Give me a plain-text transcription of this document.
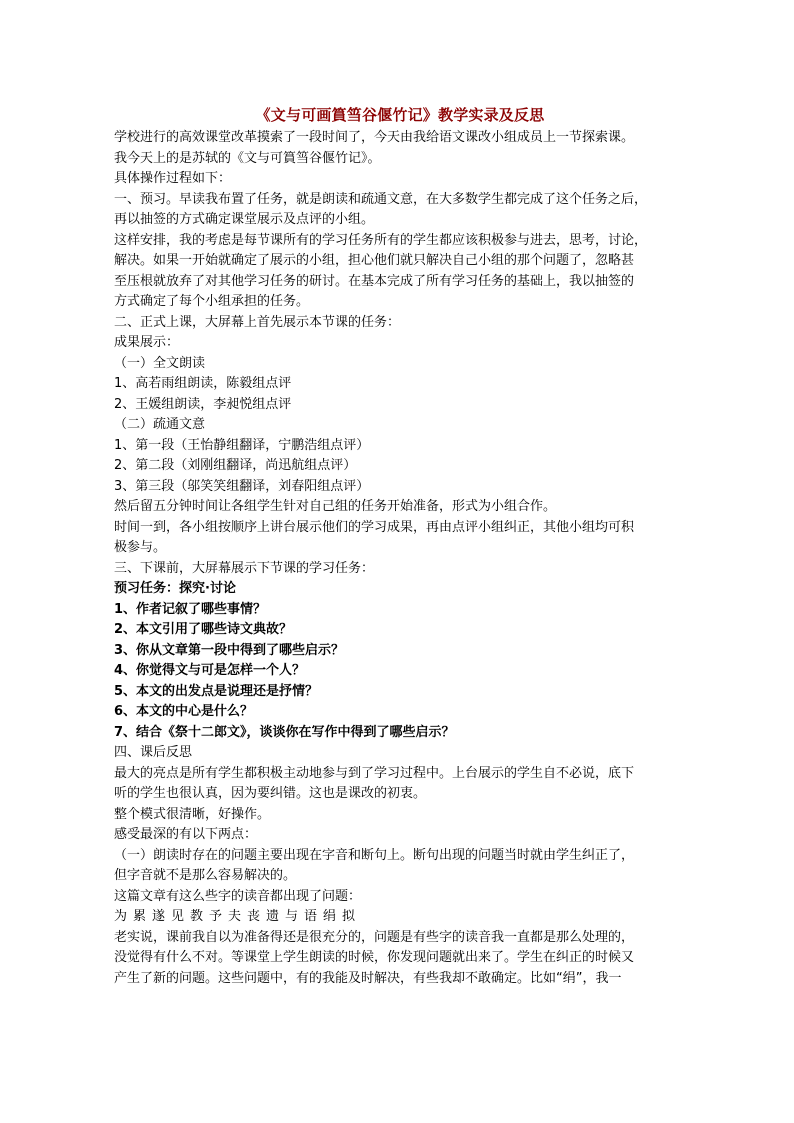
《文与可画篔筜谷偃竹记》教学实录及反思
学校进行的高效课堂改革摸索了一段时间了，今天由我给语文课改小组成员上一节探索课。
我今天上的是苏轼的《文与可篔筜谷偃竹记》。
具体操作过程如下：
一、预习。早读我布置了任务，就是朗读和疏通文意，在大多数学生都完成了这个任务之后，
再以抽签的方式确定课堂展示及点评的小组。
这样安排，我的考虑是每节课所有的学习任务所有的学生都应该积极参与进去，思考，讨论，
解决。如果一开始就确定了展示的小组，担心他们就只解决自己小组的那个问题了，忽略甚
至压根就放弃了对其他学习任务的研讨。在基本完成了所有学习任务的基础上，我以抽签的
方式确定了每个小组承担的任务。
二、正式上课，大屏幕上首先展示本节课的任务：
成果展示：
（一）全文朗读
1、高若雨组朗读，陈毅组点评
2、王媛组朗读，李昶悦组点评
（二）疏通文意
1、第一段（王怡静组翻译，宁鹏浩组点评）
2、第二段（刘刚组翻译，尚迅航组点评）
3、第三段（邬笑笑组翻译，刘春阳组点评）
然后留五分钟时间让各组学生针对自己组的任务开始准备，形式为小组合作。
时间一到，各小组按顺序上讲台展示他们的学习成果，再由点评小组纠正，其他小组均可积
极参与。
三、下课前，大屏幕展示下节课的学习任务：
预习任务：探究·讨论
1、作者记叙了哪些事情？
2、本文引用了哪些诗文典故？
3、你从文章第一段中得到了哪些启示？
4、你觉得文与可是怎样一个人？
5、本文的出发点是说理还是抒情？
6、本文的中心是什么？
7、结合《祭十二郎文》，谈谈你在写作中得到了哪些启示？
四、课后反思
最大的亮点是所有学生都积极主动地参与到了学习过程中。上台展示的学生自不必说，底下
听的学生也很认真，因为要纠错。这也是课改的初衷。
整个模式很清晰，好操作。
感受最深的有以下两点：
（一）朗读时存在的问题主要出现在字音和断句上。断句出现的问题当时就由学生纠正了，
但字音就不是那么容易解决的。
这篇文章有这么些字的读音都出现了问题：
为累遂见教予夫丧遗与语绢拟
老实说，课前我自以为准备得还是很充分的，问题是有些字的读音我一直都是那么处理的，
没觉得有什么不对。等课堂上学生朗读的时候，你发现问题就出来了。学生在纠正的时候又
产生了新的问题。这些问题中，有的我能及时解决，有些我却不敢确定。比如“绢”，我一
